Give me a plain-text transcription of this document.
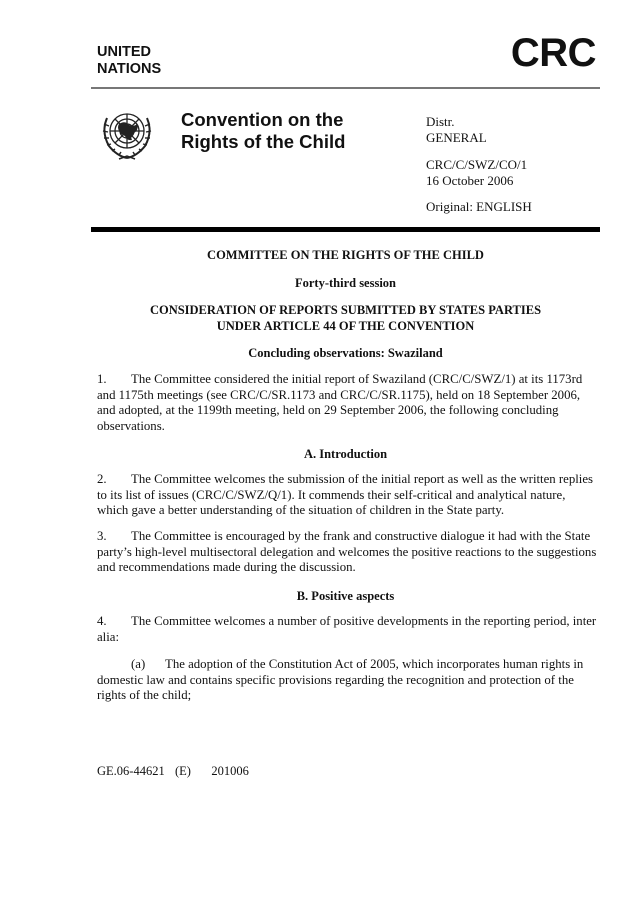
UNITED
NATIONS	CRC
Convention on the
Rights of the Child
Distr.
GENERAL
CRC/C/SWZ/CO/1
16 October 2006
Original: ENGLISH
COMMITTEE ON THE RIGHTS OF THE CHILD
Forty-third session
CONSIDERATION OF REPORTS SUBMITTED BY STATES PARTIES
UNDER ARTICLE 44 OF THE CONVENTION
Concluding observations: Swaziland
1. The Committee considered the initial report of Swaziland (CRC/C/SWZ/1) at its 1173rd and 1175th meetings (see CRC/C/SR.1173 and CRC/C/SR.1175), held on 18 September 2006, and adopted, at the 1199th meeting, held on 29 September 2006, the following concluding observations.
A. Introduction
2. The Committee welcomes the submission of the initial report as well as the written replies to its list of issues (CRC/C/SWZ/Q/1). It commends their self-critical and analytical nature, which gave a better understanding of the situation of children in the State party.
3. The Committee is encouraged by the frank and constructive dialogue it had with the State party’s high-level multisectoral delegation and welcomes the positive reactions to the suggestions and recommendations made during the discussion.
B. Positive aspects
4. The Committee welcomes a number of positive developments in the reporting period, inter alia:
(a) The adoption of the Constitution Act of 2005, which incorporates human rights in domestic law and contains specific provisions regarding the recognition and protection of the rights of the child;
GE.06-44621  (E)    201006
